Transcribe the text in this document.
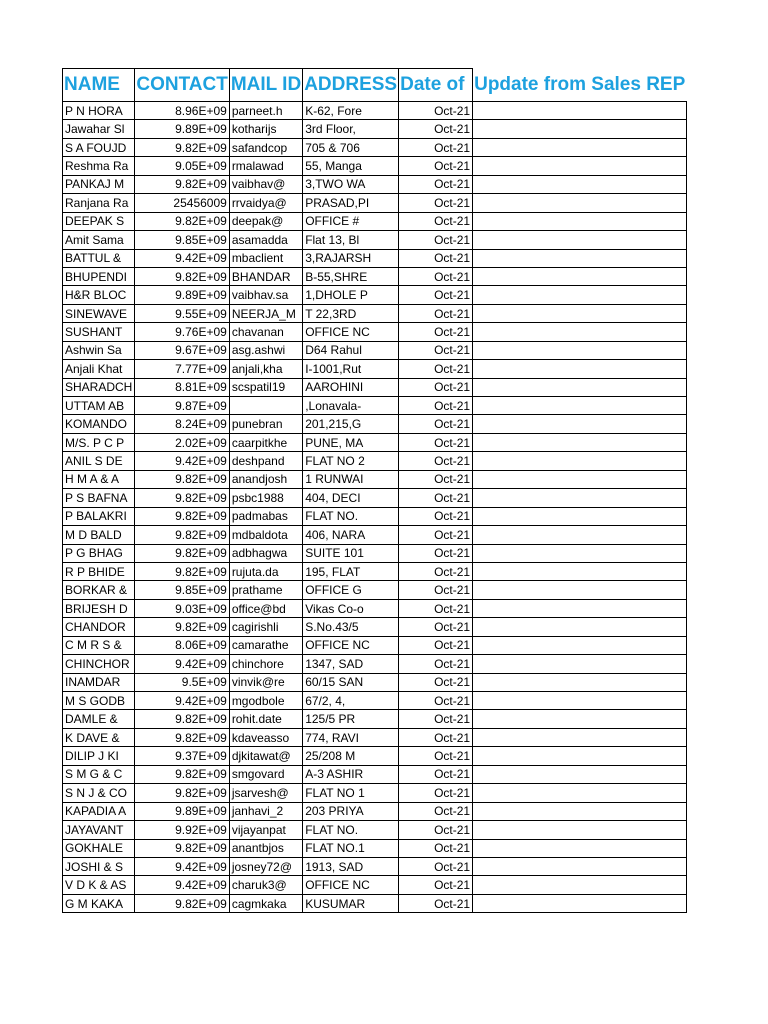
NAME	CONTACT	MAIL ID	ADDRESS	Date of	Update from Sales REP
P N HORA	8.96E+09	parneet.h	K-62, Fore	Oct-21	
Jawahar Sl	9.89E+09	kotharijs	3rd Floor,	Oct-21	
S A FOUJD	9.82E+09	safandcop	705 & 706	Oct-21	
Reshma Ra	9.05E+09	rmalawad	55, Manga	Oct-21	
PANKAJ M	9.82E+09	vaibhav@	3,TWO WA	Oct-21	
Ranjana Ra	25456009	rrvaidya@	PRASAD,PI	Oct-21	
DEEPAK S	9.82E+09	deepak@	OFFICE #	Oct-21	
Amit Sama	9.85E+09	asamadda	Flat 13, Bl	Oct-21	
BATTUL &	9.42E+09	mbaclient	3,RAJARSH	Oct-21	
BHUPENDI	9.82E+09	BHANDAR	B-55,SHRE	Oct-21	
H&R BLOC	9.89E+09	vaibhav.sa	1,DHOLE P	Oct-21	
SINEWAVE	9.55E+09	NEERJA_M	T 22,3RD	Oct-21	
SUSHANT	9.76E+09	chavanan	OFFICE NC	Oct-21	
Ashwin Sa	9.67E+09	asg.ashwi	D64 Rahul	Oct-21	
Anjali Khat	7.77E+09	anjali,kha	I-1001,Rut	Oct-21	
SHARADCH	8.81E+09	scspatil19	AAROHINI	Oct-21	
UTTAM AB	9.87E+09		,Lonavala-	Oct-21	
KOMANDO	8.24E+09	punebran	201,215,G	Oct-21	
M/S. P C P	2.02E+09	caarpitkhe	PUNE, MA	Oct-21	
ANIL S DE	9.42E+09	deshpand	FLAT NO 2	Oct-21	
H M A & A	9.82E+09	anandjosh	1 RUNWAI	Oct-21	
P S BAFNA	9.82E+09	psbc1988	404, DECI	Oct-21	
P BALAKRI	9.82E+09	padmabas	FLAT NO.	Oct-21	
M D BALD	9.82E+09	mdbaldota	406, NARA	Oct-21	
P G BHAG	9.82E+09	adbhagwa	SUITE 101	Oct-21	
R P BHIDE	9.82E+09	rujuta.da	195, FLAT	Oct-21	
BORKAR &	9.85E+09	prathame	OFFICE G	Oct-21	
BRIJESH D	9.03E+09	office@bd	Vikas Co-o	Oct-21	
CHANDOR	9.82E+09	cagirishli	S.No.43/5	Oct-21	
C M R S &	8.06E+09	camarathe	OFFICE NC	Oct-21	
CHINCHOR	9.42E+09	chinchore	1347, SAD	Oct-21	
INAMDAR	9.5E+09	vinvik@re	60/15 SAN	Oct-21	
M S GODB	9.42E+09	mgodbole	67/2, 4,	Oct-21	
DAMLE &	9.82E+09	rohit.date	125/5 PR	Oct-21	
K DAVE &	9.82E+09	kdaveasso	774, RAVI	Oct-21	
DILIP J KI	9.37E+09	djkitawat@	25/208 M	Oct-21	
S M G & C	9.82E+09	smgovard	A-3 ASHIR	Oct-21	
S N J & CO	9.82E+09	jsarvesh@	FLAT NO 1	Oct-21	
KAPADIA A	9.89E+09	janhavi_2	203 PRIYA	Oct-21	
JAYAVANT	9.92E+09	vijayanpat	FLAT NO.	Oct-21	
GOKHALE	9.82E+09	anantbjos	FLAT NO.1	Oct-21	
JOSHI & S	9.42E+09	josney72@	1913, SAD	Oct-21	
V D K & AS	9.42E+09	charuk3@	OFFICE NC	Oct-21	
G M KAKA	9.82E+09	cagmkaka	KUSUMAR	Oct-21	
